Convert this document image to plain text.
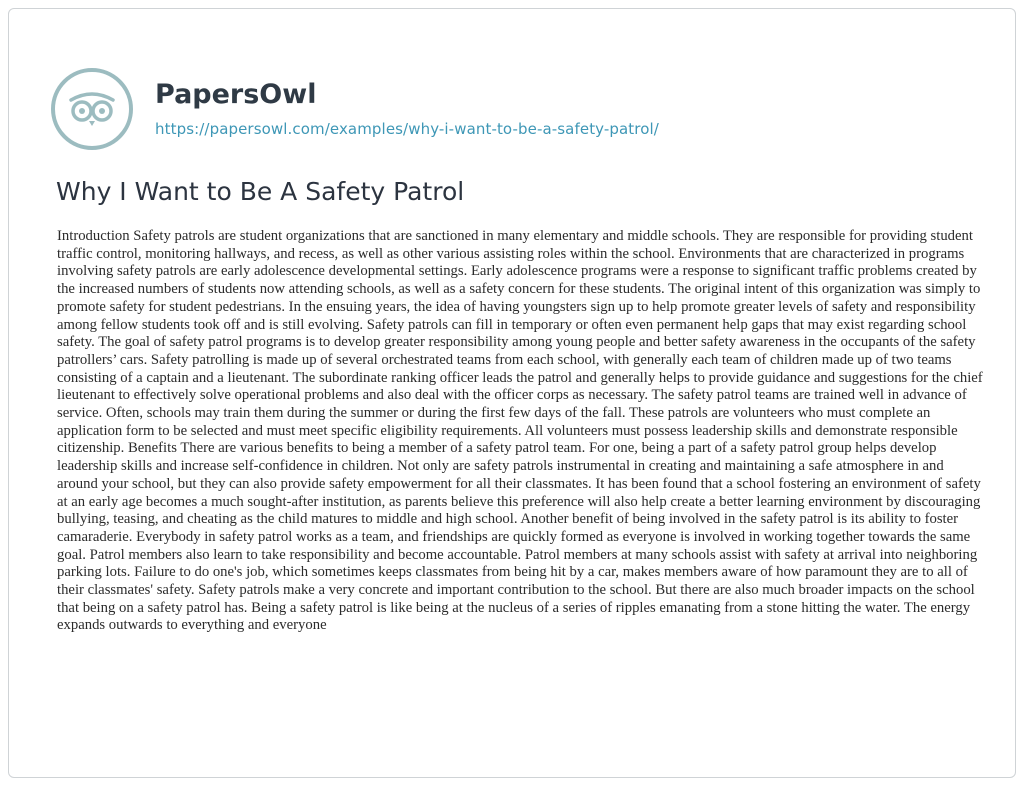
PapersOwl
https://papersowl.com/examples/why-i-want-to-be-a-safety-patrol/
Why I Want to Be A Safety Patrol

Introduction Safety patrols are student organizations that are sanctioned in many elementary and middle schools. They are responsible for providing student traffic control, monitoring hallways, and recess, as well as other various assisting roles within the school. Environments that are characterized in programs involving safety patrols are early adolescence developmental settings. Early adolescence programs were a response to significant traffic problems created by the increased numbers of students now attending schools, as well as a safety concern for these students. The original intent of this organization was simply to promote safety for student pedestrians. In the ensuing years, the idea of having youngsters sign up to help promote greater levels of safety and responsibility among fellow students took off and is still evolving. Safety patrols can fill in temporary or often even permanent help gaps that may exist regarding school safety. The goal of safety patrol programs is to develop greater responsibility among young people and better safety awareness in the occupants of the safety patrollers’ cars. Safety patrolling is made up of several orchestrated teams from each school, with generally each team of children made up of two teams consisting of a captain and a lieutenant. The subordinate ranking officer leads the patrol and generally helps to provide guidance and suggestions for the chief lieutenant to effectively solve operational problems and also deal with the officer corps as necessary. The safety patrol teams are trained well in advance of service. Often, schools may train them during the summer or during the first few days of the fall. These patrols are volunteers who must complete an application form to be selected and must meet specific eligibility requirements. All volunteers must possess leadership skills and demonstrate responsible citizenship. Benefits There are various benefits to being a member of a safety patrol team. For one, being a part of a safety patrol group helps develop leadership skills and increase self-confidence in children. Not only are safety patrols instrumental in creating and maintaining a safe atmosphere in and around your school, but they can also provide safety empowerment for all their classmates. It has been found that a school fostering an environment of safety at an early age becomes a much sought-after institution, as parents believe this preference will also help create a better learning environment by discouraging bullying, teasing, and cheating as the child matures to middle and high school. Another benefit of being involved in the safety patrol is its ability to foster camaraderie. Everybody in safety patrol works as a team, and friendships are quickly formed as everyone is involved in working together towards the same goal. Patrol members also learn to take responsibility and become accountable. Patrol members at many schools assist with safety at arrival into neighboring parking lots. Failure to do one's job, which sometimes keeps classmates from being hit by a car, makes members aware of how paramount they are to all of their classmates' safety. Safety patrols make a very concrete and important contribution to the school. But there are also much broader impacts on the school that being on a safety patrol has. Being a safety patrol is like being at the nucleus of a series of ripples emanating from a stone hitting the water. The energy expands outwards to everything and everyone
